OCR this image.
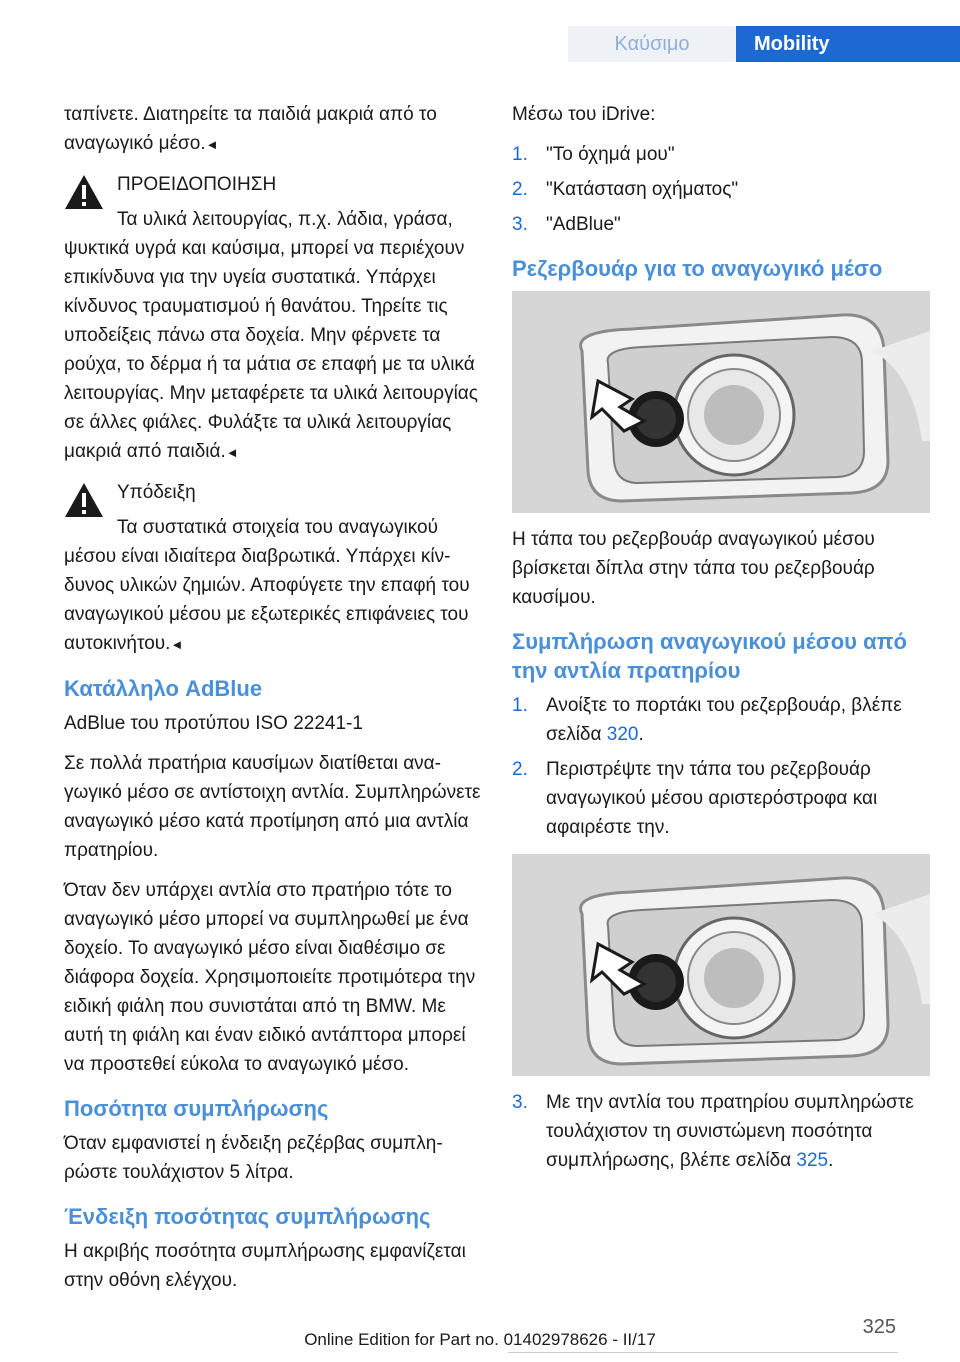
Καύσιμο	Mobility

ταπίνετε. Διατηρείτε τα παιδιά μακριά από το αναγωγικό μέσο.◄

ΠΡΟΕΙΔΟΠΟΙΗΣΗ

Τα υλικά λειτουργίας, π.χ. λάδια, γράσα,

ψυκτικά υγρά και καύσιμα, μπορεί να περιέχουν επικίνδυνα για την υγεία συστατικά. Υπάρχει κίνδυνος τραυματισμού ή θανάτου. Τηρείτε τις υποδείξεις πάνω στα δοχεία. Μην φέρνετε τα ρούχα, το δέρμα ή τα μάτια σε επαφή με τα υλικά λειτουργίας. Μην μεταφέρετε τα υλικά λειτουργίας σε άλλες φιάλες. Φυλάξτε τα υλικά λειτουργίας μακριά από παιδιά.◄
Υπόδειξη

Τα συστατικά στοιχεία του αναγωγικού

μέσου είναι ιδιαίτερα διαβρωτικά. Υπάρχει κίνδυνος υλικών ζημιών. Αποφύγετε την επαφή του αναγωγικού μέσου με εξωτερικές επιφάνειες του αυτοκινήτου.◄
Κατάλληλο AdBlue

AdBlue του προτύπου ISO 22241-1

Σε πολλά πρατήρια καυσίμων διατίθεται αναγωγικό μέσο σε αντίστοιχη αντλία. Συμπληρώνετε αναγωγικό μέσο κατά προτίμηση από μια αντλία πρατηρίου.

Όταν δεν υπάρχει αντλία στο πρατήριο τότε το αναγωγικό μέσο μπορεί να συμπληρωθεί με ένα δοχείο. Το αναγωγικό μέσο είναι διαθέσιμο σε διάφορα δοχεία. Χρησιμοποιείτε προτιμότερα την ειδική φιάλη που συνιστάται από τη BMW. Με αυτή τη φιάλη και έναν ειδικό αντάπτορα μπορεί να προστεθεί εύκολα το αναγωγικό μέσο.

Ποσότητα συμπλήρωσης

Όταν εμφανιστεί η ένδειξη ρεζέρβας συμπληρώστε τουλάχιστον 5 λίτρα.

Ένδειξη ποσότητας συμπλήρωσης

Η ακριβής ποσότητα συμπλήρωσης εμφανίζεται στην οθόνη ελέγχου.

Μέσω του iDrive:

1. "Το όχημά μου"
2. "Κατάσταση οχήματος"
3. "AdBlue"
Ρεζερβουάρ για το αναγωγικό μέσο

Η τάπα του ρεζερβουάρ αναγωγικού μέσου βρίσκεται δίπλα στην τάπα του ρεζερβουάρ καυσίμου.

Συμπλήρωση αναγωγικού μέσου από την αντλία πρατηρίου
1. Ανοίξτε το πορτάκι του ρεζερβουάρ, βλέπε σελίδα 320.
2. Περιστρέψτε την τάπα του ρεζερβουάρ αναγωγικού μέσου αριστερόστροφα και αφαιρέστε την.
3. Με την αντλία του πρατηρίου συμπληρώστε τουλάχιστον τη συνιστώμενη ποσότητα συμπλήρωσης, βλέπε σελίδα 325.
325
Online Edition for Part no. 01402978626 - II/17
